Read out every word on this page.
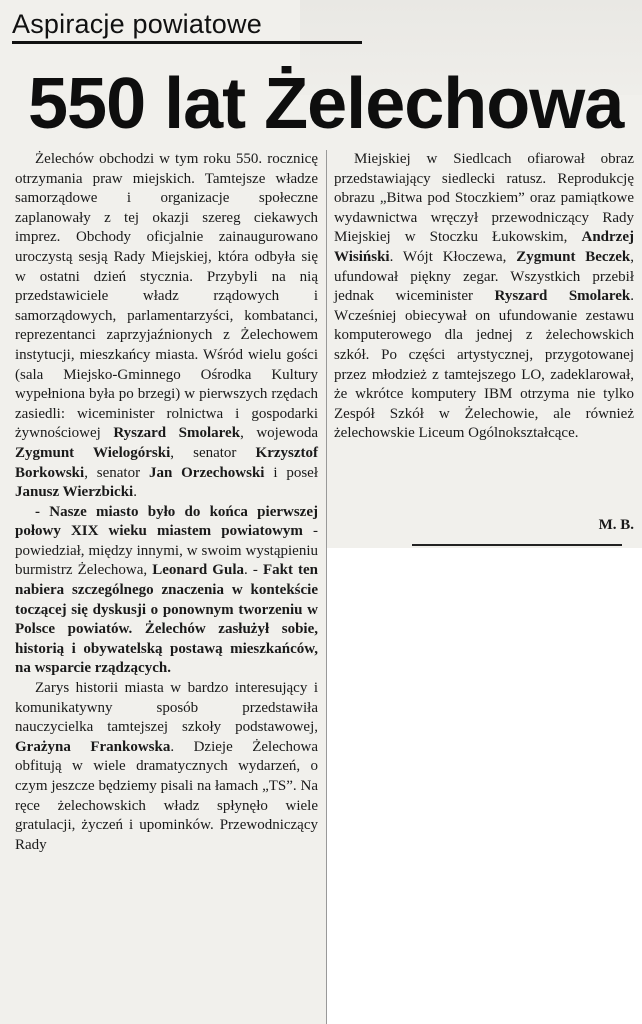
Aspiracje powiatowe
550 lat Żelechowa

Żelechów obchodzi w tym roku 550. rocznicę otrzymania praw miejskich. Tamtejsze władze samorządowe i organizacje społeczne zaplanowały z tej okazji szereg ciekawych imprez. Obchody oficjalnie zainaugurowano uroczystą sesją Rady Miejskiej, która odbyła się w ostatni dzień stycznia. Przybyli na nią przedstawiciele władz rządowych i samorządowych, parlamentarzyści, kombatanci, reprezentanci zaprzyjaźnionych z Żelechowem instytucji, mieszkańcy miasta. Wśród wielu gości (sala Miejsko-Gminnego Ośrodka Kultury wypełniona była po brzegi) w pierwszych rzędach zasiedli: wiceminister rolnictwa i gospodarki żywnościowej Ryszard Smolarek, wojewoda Zygmunt Wielogórski, senator Krzysztof Borkowski, senator Jan Orzechowski i poseł Janusz Wierzbicki.

- Nasze miasto było do końca pierwszej połowy XIX wieku miastem powiatowym - powiedział, między innymi, w swoim wystąpieniu burmistrz Żelechowa, Leonard Gula. - Fakt ten nabiera szczególnego znaczenia w kontekście toczącej się dyskusji o ponownym tworzeniu w Polsce powiatów. Żelechów zasłużył sobie, historią i obywatelską postawą mieszkańców, na wsparcie rządzących.

Zarys historii miasta w bardzo interesujący i komunikatywny sposób przedstawiła nauczycielka tamtejszej szkoły podstawowej, Grażyna Frankowska. Dzieje Żelechowa obfitują w wiele dramatycznych wydarzeń, o czym jeszcze będziemy pisali na łamach „TS”. Na ręce żelechowskich władz spłynęło wiele gratulacji, życzeń i upominków. Przewodniczący Rady

Miejskiej w Siedlcach ofiarował obraz przedstawiający siedlecki ratusz. Reprodukcję obrazu „Bitwa pod Stoczkiem” oraz pamiątkowe wydawnictwa wręczył przewodniczący Rady Miejskiej w Stoczku Łukowskim, Andrzej Wisiński. Wójt Kłoczewa, Zygmunt Beczek, ufundował piękny zegar. Wszystkich przebił jednak wiceminister Ryszard Smolarek. Wcześniej obiecywał on ufundowanie zestawu komputerowego dla jednej z żelechowskich szkół. Po części artystycznej, przygotowanej przez młodzież z tamtejszego LO, zadeklarował, że wkrótce komputery IBM otrzyma nie tylko Zespół Szkół w Żelechowie, ale również żelechowskie Liceum Ogólnokształcące.

M. B.
